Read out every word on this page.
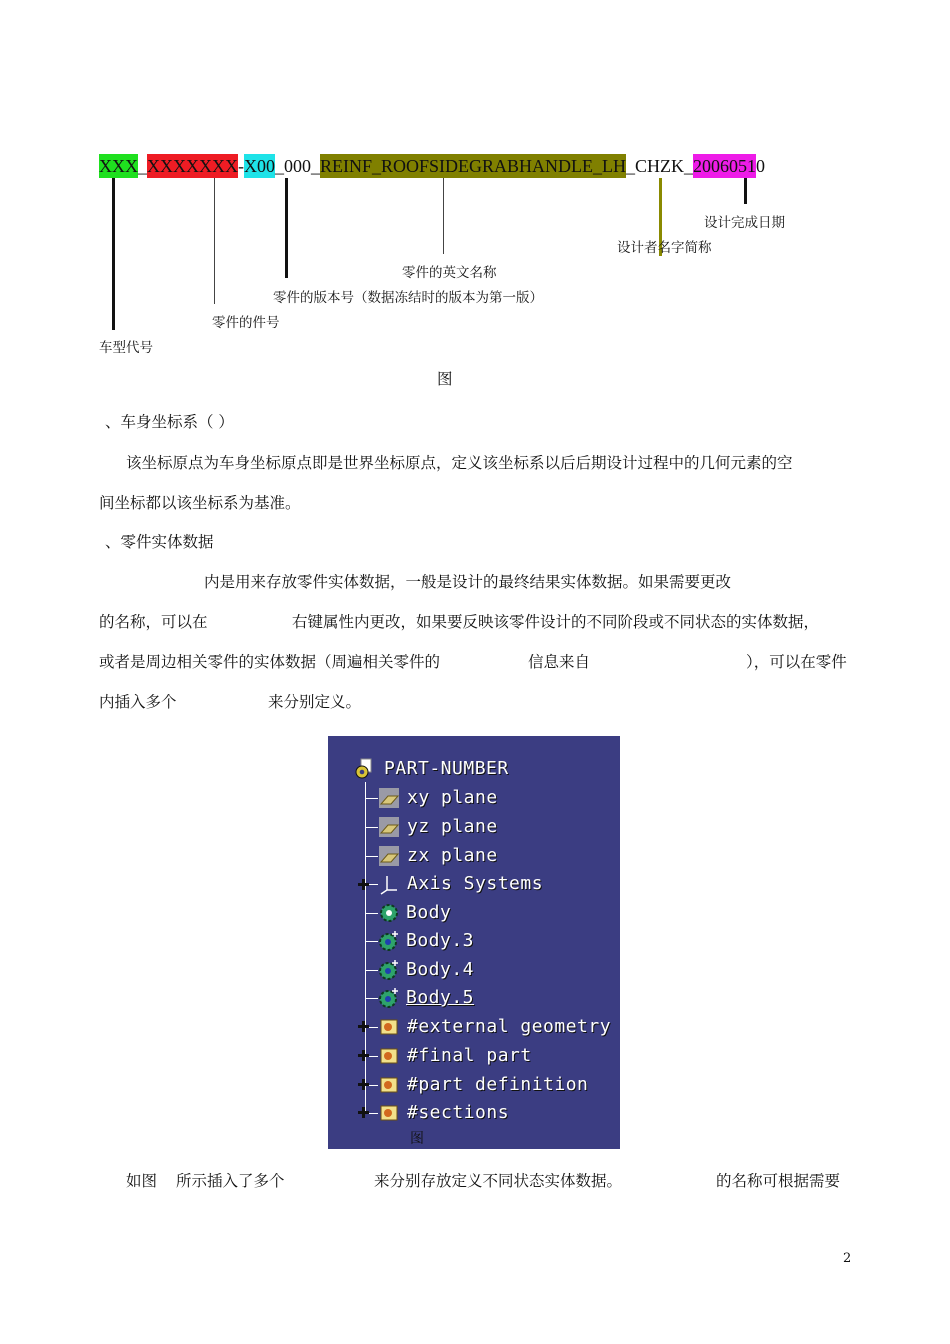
XXX _ XXXXXXX - X00 _000_ REINF_ROOFSIDEGRABHANDLE_LH _CHZK_ 2006051 0
设计完成日期
设计者名字简称
零件的英文名称
零件的版本号（数据冻结时的版本为第一版）
零件的件号
车型代号
图
、车身坐标系（ ）
该坐标原点为车身坐标原点即是世界坐标原点，定义该坐标系以后后期设计过程中的几何元素的空
间坐标都以该坐标系为基准。
、零件实体数据
内是用来存放零件实体数据，一般是设计的最终结果实体数据。如果需要更改
的名称，可以在	右键属性内更改，如果要反映该零件设计的不同阶段或不同状态的实体数据，
或者是周边相关零件的实体数据（周遍相关零件的	信息来自	），可以在零件
内插入多个	来分别定义。
PART-NUMBER
xy plane
yz plane
zx plane
Axis Systems
Body
Body.3
Body.4
Body.5
#external geometry
#final part
#part definition
#sections
图
如图 所示插入了多个	来分别存放定义不同状态实体数据。	的名称可根据需要
2
